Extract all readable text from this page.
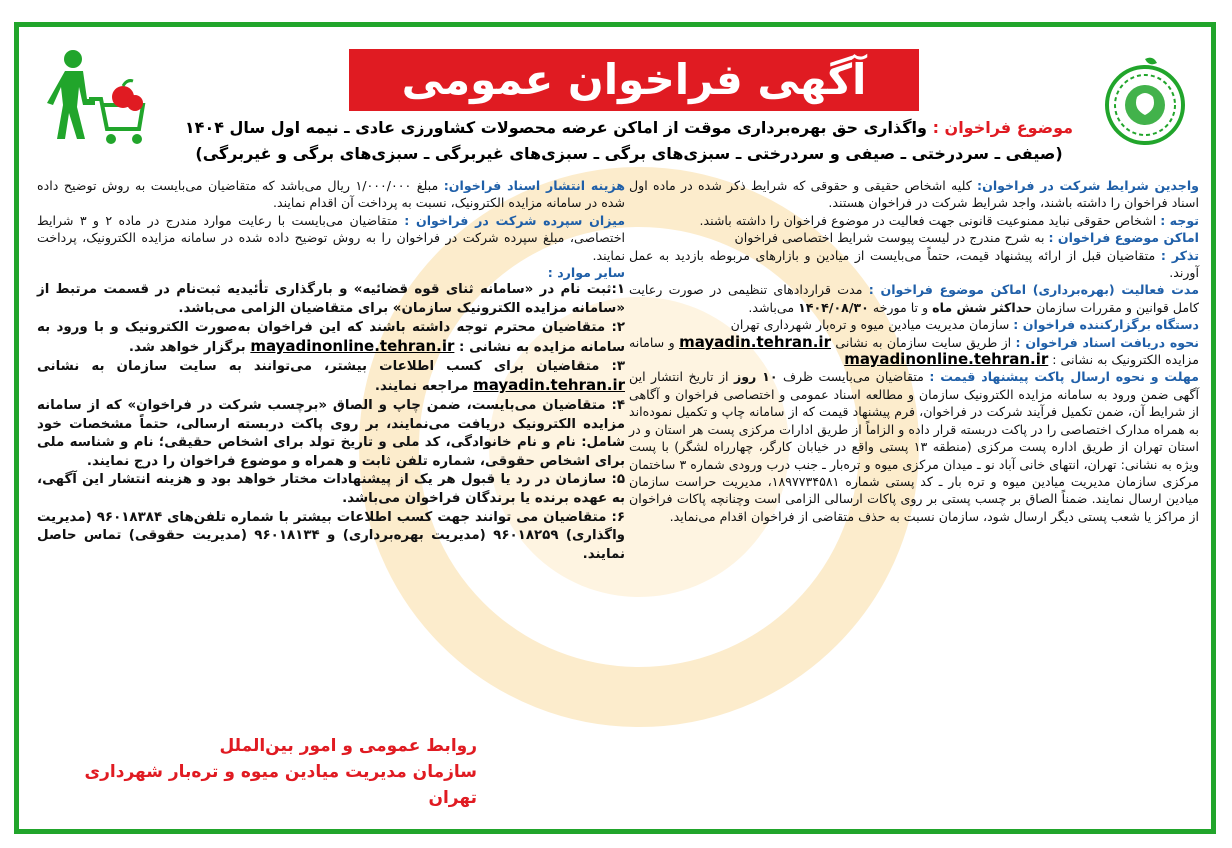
آگهی فراخوان عمومی
موضوع فراخوان : واگذاری حق بهره‌برداری موقت از اماکن عرضه محصولات کشاورزی عادی ـ نیمه اول سال ۱۴۰۴
(صیفی ـ سردرختی ـ صیفی و سردرختی ـ سبزی‌های برگی ـ سبزی‌های غیربرگی ـ سبزی‌های برگی و غیربرگی)

واجدین شرایط شرکت در فراخوان: کلیه اشخاص حقیقی و حقوقی که شرایط ذکر شده در ماده اول اسناد فراخوان را داشته باشند، واجد شرایط شرکت در فراخوان هستند.

توجه : اشخاص حقوقی نباید ممنوعیت قانونی جهت فعالیت در موضوع فراخوان را داشته باشند.

اماکن موضوع فراخوان : به شرح مندرج در لیست پیوست شرایط اختصاصی فراخوان

تذکر : متقاضیان قبل از ارائه پیشنهاد قیمت، حتماً می‌بایست از میادین و بازارهای مربوطه بازدید به عمل آورند.

مدت فعالیت (بهره‌برداری) اماکن موضوع فراخوان : مدت قراردادهای تنظیمی در صورت رعایت کامل قوانین و مقررات سازمان حداکثر شش ماه و تا مورخه ۱۴۰۴/۰۸/۳۰ می‌باشد.

دستگاه برگزارکننده فراخوان : سازمان مدیریت میادین میوه و تره‌بار شهرداری تهران

نحوه دریافت اسناد فراخوان : از طریق سایت سازمان به نشانی mayadin.tehran.ir و سامانه مزایده الکترونیک به نشانی : mayadinonline.tehran.ir

مهلت و نحوه ارسال پاکت پیشنهاد قیمت : متقاضیان می‌بایست ظرف ۱۰ روز از تاریخ انتشار این آگهی ضمن ورود به سامانه مزایده الکترونیک سازمان و مطالعه اسناد عمومی و اختصاصی فراخوان و آگاهی از شرایط آن، ضمن تکمیل فرآیند شرکت در فراخوان، فرم پیشنهاد قیمت که از سامانه چاپ و تکمیل نموده‌اند به همراه مدارک اختصاصی را در پاکت دربسته قرار داده و الزاماً از طریق ادارات مرکزی پست هر استان و در استان تهران از طریق اداره پست مرکزی (منطقه ۱۳ پستی واقع در خیابان کارگر، چهارراه لشگر) با پست ویژه به نشانی: تهران، انتهای خانی آباد نو ـ میدان مرکزی میوه و تره‌بار ـ جنب درب ورودی شماره ۳ ساختمان مرکزی سازمان مدیریت میادین میوه و تره بار ـ کد پستی شماره ۱۸۹۷۷۳۴۵۸۱، مدیریت حراست سازمان میادین ارسال نمایند. ضمناً الصاق بر چسب پستی بر روی پاکات ارسالی الزامی است وچنانچه پاکات فراخوان از مراکز یا شعب پستی دیگر ارسال شود، سازمان نسبت به حذف متقاضی از فراخوان اقدام می‌نماید.

هزینه انتشار اسناد فراخوان: مبلغ ۱/۰۰۰/۰۰۰ ریال می‌باشد که متقاضیان می‌بایست به روش توضیح داده شده در سامانه مزایده الکترونیک، نسبت به پرداخت آن اقدام نمایند.

میزان سپرده شرکت در فراخوان : متقاضیان می‌بایست با رعایت موارد مندرج در ماده ۲ و ۳ شرایط اختصاصی، مبلغ سپرده شرکت در فراخوان را به روش توضیح داده شده در سامانه مزایده الکترونیک، پرداخت نمایند.

سایر موارد :

۱:ثبت نام در «سامانه ثنای قوه قضائیه» و بارگذاری تأئیدیه ثبت‌نام در قسمت مرتبط از «سامانه مزایده الکترونیک سازمان» برای متقاضیان الزامی می‌باشد.

۲: متقاضیان محترم توجه داشته باشند که این فراخوان به‌صورت الکترونیک و با ورود به سامانه مزایده به نشانی : mayadinonline.tehran.ir برگزار خواهد شد.

۳: متقاضیان برای کسب اطلاعات بیشتر، می‌توانند به سایت سازمان به نشانی mayadin.tehran.ir مراجعه نمایند.

۴: متقاضیان می‌بایست، ضمن چاپ و الصاق «برچسب شرکت در فراخوان» که از سامانه مزایده الکترونیک دریافت می‌نمایند، بر روی پاکت دربسته ارسالی، حتماً مشخصات خود شامل: نام و نام خانوادگی، کد ملی و تاریخ تولد برای اشخاص حقیقی؛ نام و شناسه ملی برای اشخاص حقوقی، شماره تلفن ثابت و همراه و موضوع فراخوان را درج نمایند.

۵: سازمان در رد یا قبول هر یک از پیشنهادات مختار خواهد بود و هزینه انتشار این آگهی، به عهده برنده یا برندگان فراخوان می‌باشد.

۶: متقاضیان می توانند جهت کسب اطلاعات بیشتر با شماره تلفن‌های ۹۶۰۱۸۳۸۴ (مدیریت واگذاری) ۹۶۰۱۸۲۵۹ (مدیریت بهره‌برداری) و ۹۶۰۱۸۱۳۴ (مدیریت حقوقی) تماس حاصل نمایند.

روابط عمومی و امور بین‌الملل
سازمان مدیریت میادین میوه و تره‌بار شهرداری تهران
